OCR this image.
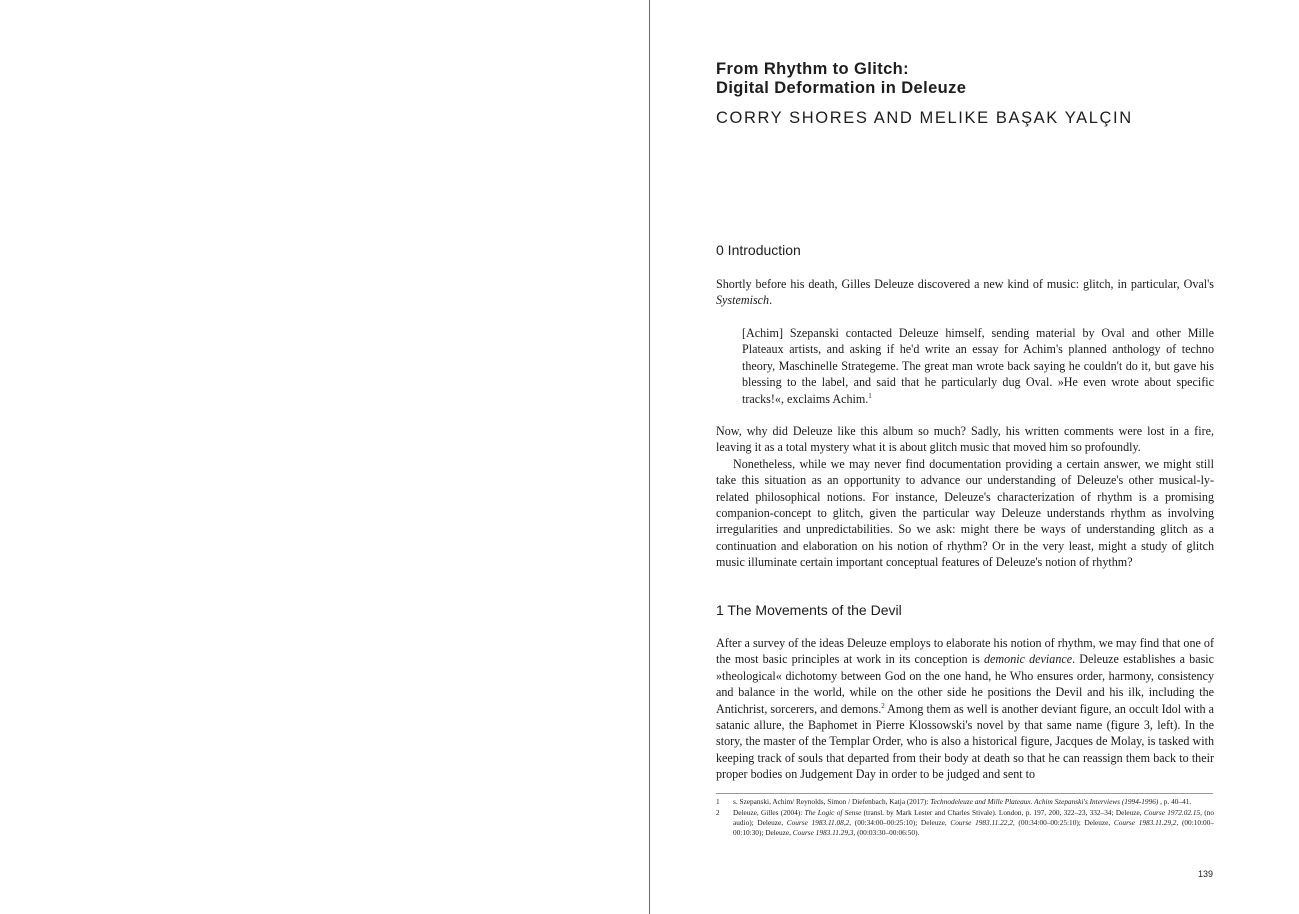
From Rhythm to Glitch:
Digital Deformation in Deleuze
CORRY SHORES AND MELIKE BAŞAK YALÇIN
0 Introduction

Shortly before his death, Gilles Deleuze discovered a new kind of music: glitch, in particular, Oval's Systemisch.

[Achim] Szepanski contacted Deleuze himself, sending material by Oval and other Mille Plateaux artists, and asking if he'd write an essay for Achim's planned anthology of techno theory, Maschinelle Strategeme. The great man wrote back saying he couldn't do it, but gave his blessing to the label, and said that he particularly dug Oval. »He even wrote about specific tracks!«, exclaims Achim.$^1$

Now, why did Deleuze like this album so much? Sadly, his written comments were lost in a fire, leaving it as a total mystery what it is about glitch music that moved him so profoundly.

Nonetheless, while we may never find documentation providing a certain answer, we might still take this situation as an opportunity to advance our understanding of Deleuze's other musical-ly-related philosophical notions. For instance, Deleuze's characterization of rhythm is a promising companion-concept to glitch, given the particular way Deleuze understands rhythm as involving irregularities and unpredictabilities. So we ask: might there be ways of understanding glitch as a continuation and elaboration on his notion of rhythm? Or in the very least, might a study of glitch music illuminate certain important conceptual features of Deleuze's notion of rhythm?

1 The Movements of the Devil

After a survey of the ideas Deleuze employs to elaborate his notion of rhythm, we may find that one of the most basic principles at work in its conception is demonic deviance. Deleuze establishes a basic »theological« dichotomy between God on the one hand, he Who ensures order, harmony, consistency and balance in the world, while on the other side he positions the Devil and his ilk, including the Antichrist, sorcerers, and demons.$^2$ Among them as well is another deviant figure, an occult Idol with a satanic allure, the Baphomet in Pierre Klossowski's novel by that same name (figure 3, left). In the story, the master of the Templar Order, who is also a historical figure, Jacques de Molay, is tasked with keeping track of souls that departed from their body at death so that he can reassign them back to their proper bodies on Judgement Day in order to be judged and sent to

1 s. Szepanski, Achim/ Reynolds, Simon / Diefenbach, Katja (2017): Technodeleuze and Mille Plateaux. Achim Szepanski's Interviews (1994-1996) , p. 40–41.
2 Deleuze, Gilles (2004): The Logic of Sense (transl. by Mark Lester and Charles Stivale). London, p. 197, 200, 322–23, 332–34; Deleuze, Course 1972.02.15, (no audio); Deleuze, Course 1983.11.08,2, (00:34:00–00:25:10); Deleuze, Course 1983.11.22,2, (00:34:00–00:25:10); Deleuze, Course 1983.11.29,2, (00:10:00–00:10:30); Deleuze, Course 1983.11.29,3, (00:03:30–00:06:50).
139
